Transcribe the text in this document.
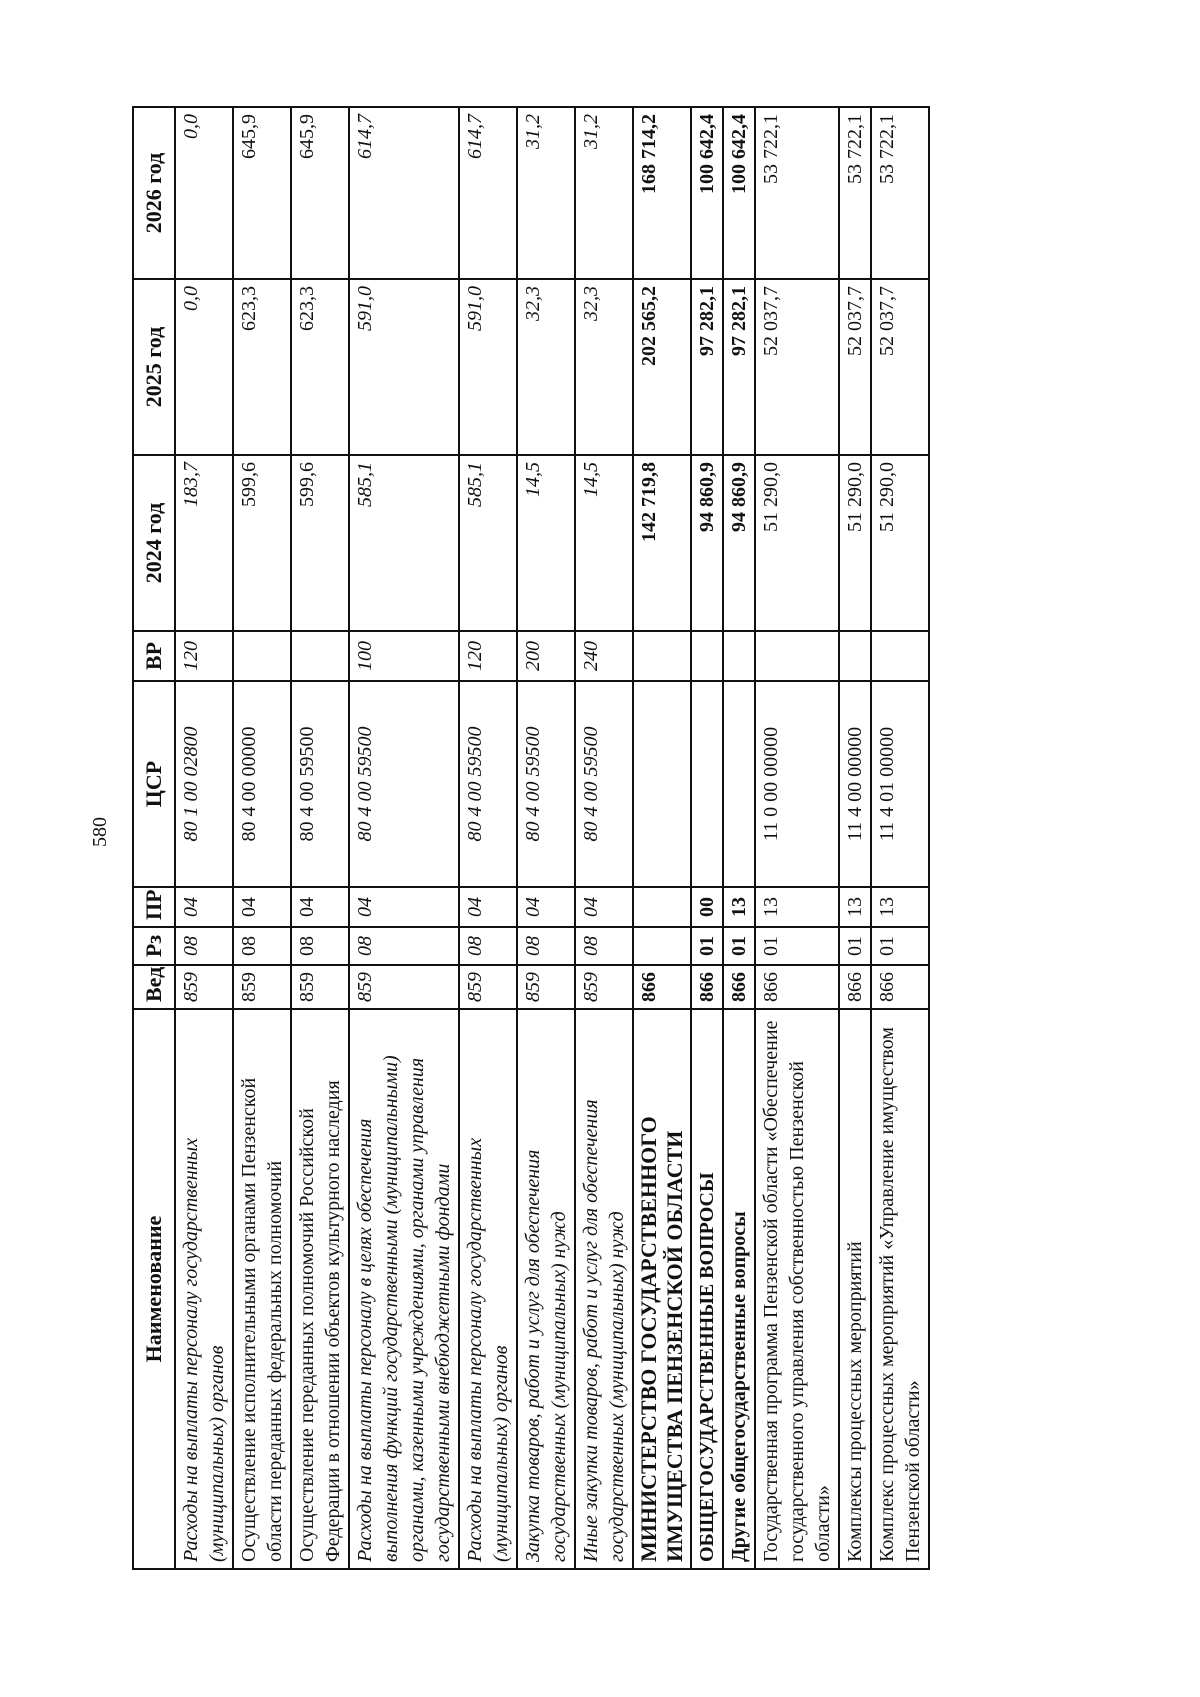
580
Наименование	Вед	Рз	ПР	ЦСР	ВР	2024 год	2025 год	2026 год
Расходы на выплаты персоналу государственных (муниципальных) органов	859	08	04	80 1 00 02800	120	183,7	0,0	0,0
Осуществление исполнительными органами Пензенской области переданных федеральных полномочий	859	08	04	80 4 00 00000		599,6	623,3	645,9
Осуществление переданных полномочий Российской Федерации в отношении объектов культурного наследия	859	08	04	80 4 00 59500		599,6	623,3	645,9
Расходы на выплаты персоналу в целях обеспечения выполнения функций государственными (муниципальными) органами, казенными учреждениями, органами управления государственными внебюджетными фондами	859	08	04	80 4 00 59500	100	585,1	591,0	614,7
Расходы на выплаты персоналу государственных (муниципальных) органов	859	08	04	80 4 00 59500	120	585,1	591,0	614,7
Закупка товаров, работ и услуг для обеспечения государственных (муниципальных) нужд	859	08	04	80 4 00 59500	200	14,5	32,3	31,2
Иные закупки товаров, работ и услуг для обеспечения государственных (муниципальных) нужд	859	08	04	80 4 00 59500	240	14,5	32,3	31,2
МИНИСТЕРСТВО ГОСУДАРСТВЕННОГО ИМУЩЕСТВА ПЕНЗЕНСКОЙ ОБЛАСТИ	866					142 719,8	202 565,2	168 714,2
ОБЩЕГОСУДАРСТВЕННЫЕ ВОПРОСЫ	866	01	00			94 860,9	97 282,1	100 642,4
Другие общегосударственные вопросы	866	01	13			94 860,9	97 282,1	100 642,4
Государственная программа Пензенской области «Обеспечение государственного управления собственностью Пензенской области»	866	01	13	11 0 00 00000		51 290,0	52 037,7	53 722,1
Комплексы процессных мероприятий	866	01	13	11 4 00 00000		51 290,0	52 037,7	53 722,1
Комплекс процессных мероприятий «Управление имуществом Пензенской области»	866	01	13	11 4 01 00000		51 290,0	52 037,7	53 722,1
